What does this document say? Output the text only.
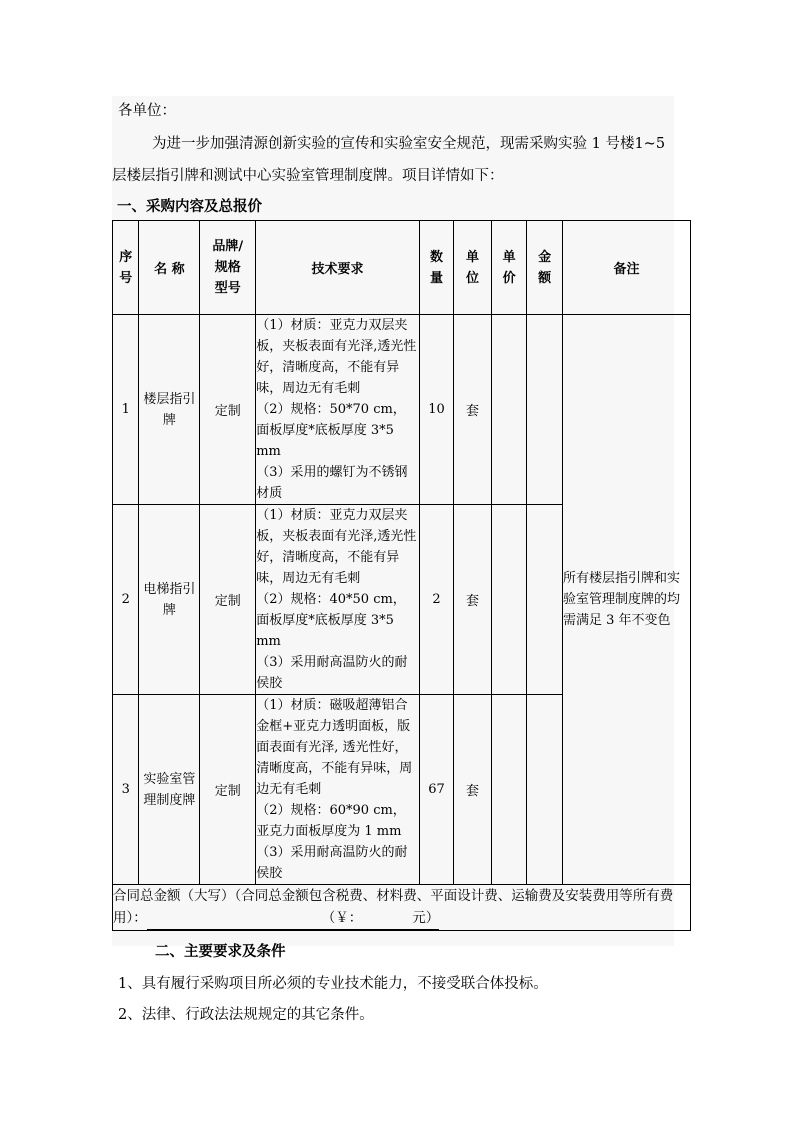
各单位：
为进一步加强清源创新实验的宣传和实验室安全规范，现需采购实验 1 号楼1~5 层楼层指引牌和测试中心实验室管理制度牌。项目详情如下：
一、采购内容及总报价
序号	名 称	品牌/
规格
型号	技术要求	数量	单位	单价	金额	备注
1	楼层指引牌	定制	（1）材质：亚克力双层夹板，夹板表面有光泽,透光性好，清晰度高，不能有异味，周边无有毛刺
（2）规格：50*70 cm，面板厚度*底板厚度 3*5 mm
（3）采用的螺钉为不锈钢材质	10	套			所有楼层指引牌和实验室管理制度牌的均需满足 3 年不变色
2	电梯指引牌	定制	（1）材质：亚克力双层夹板，夹板表面有光泽,透光性好，清晰度高，不能有异味，周边无有毛刺
（2）规格：40*50 cm，面板厚度*底板厚度 3*5 mm
（3）采用耐高温防火的耐侯胶	2	套			
3	实验室管理制度牌	定制	（1）材质：磁吸超薄铝合金框+亚克力透明面板，版面表面有光泽, 透光性好，清晰度高，不能有异味，周边无有毛刺
（2）规格：60*90 cm，亚克力面板厚度为 1 mm
（3）采用耐高温防火的耐侯胶	67	套			
合同总金额（大写）（合同总金额包含税费、材料费、平面设计费、运输费及安装费用等所有费用）： （￥： 元）								
二、主要要求及条件
1、具有履行采购项目所必须的专业技术能力，不接受联合体投标。
2、法律、行政法法规规定的其它条件。
